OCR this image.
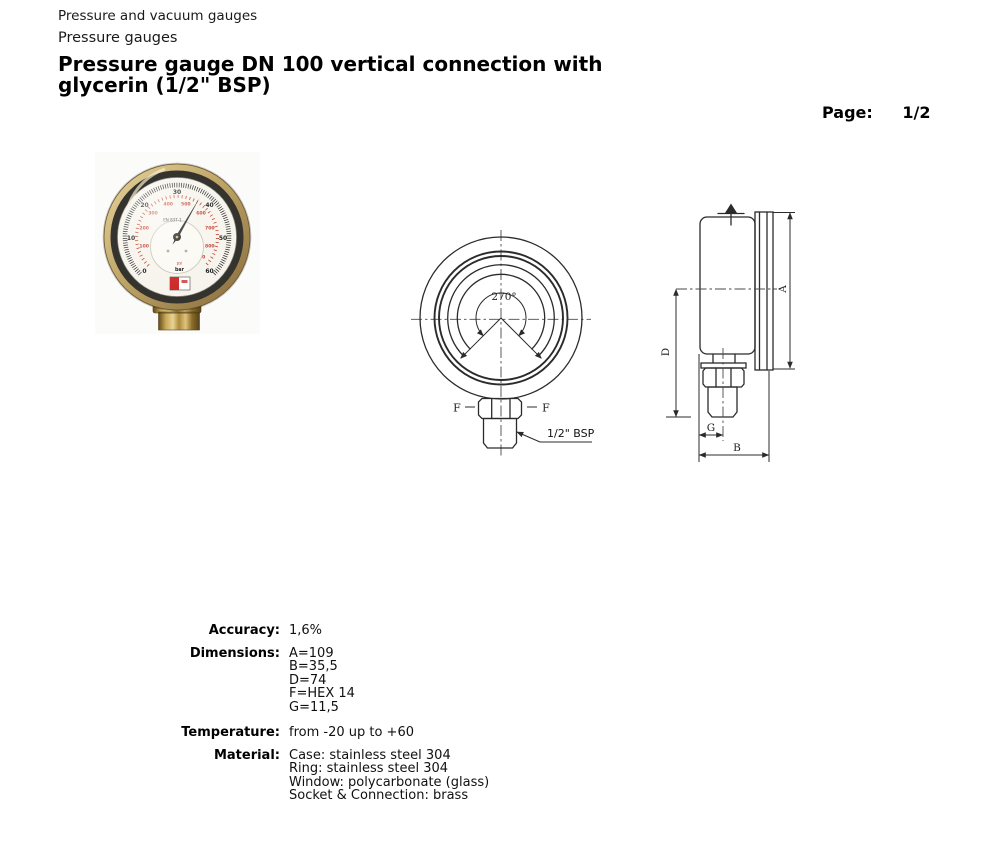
Pressure and vacuum gauges
Pressure gauges
Pressure gauge DN 100 vertical connection with
glycerin (1/2" BSP)
Page: 1/2
270°
F	F
1/2" BSP
A
D
G
B
Accuracy: 1,6%
Dimensions: A=109
B=35,5
D=74
F=HEX 14
G=11,5
Temperature: from -20 up to +60
Material: Case: stainless steel 304
Ring: stainless steel 304
Window: polycarbonate (glass)
Socket & Connection: brass
